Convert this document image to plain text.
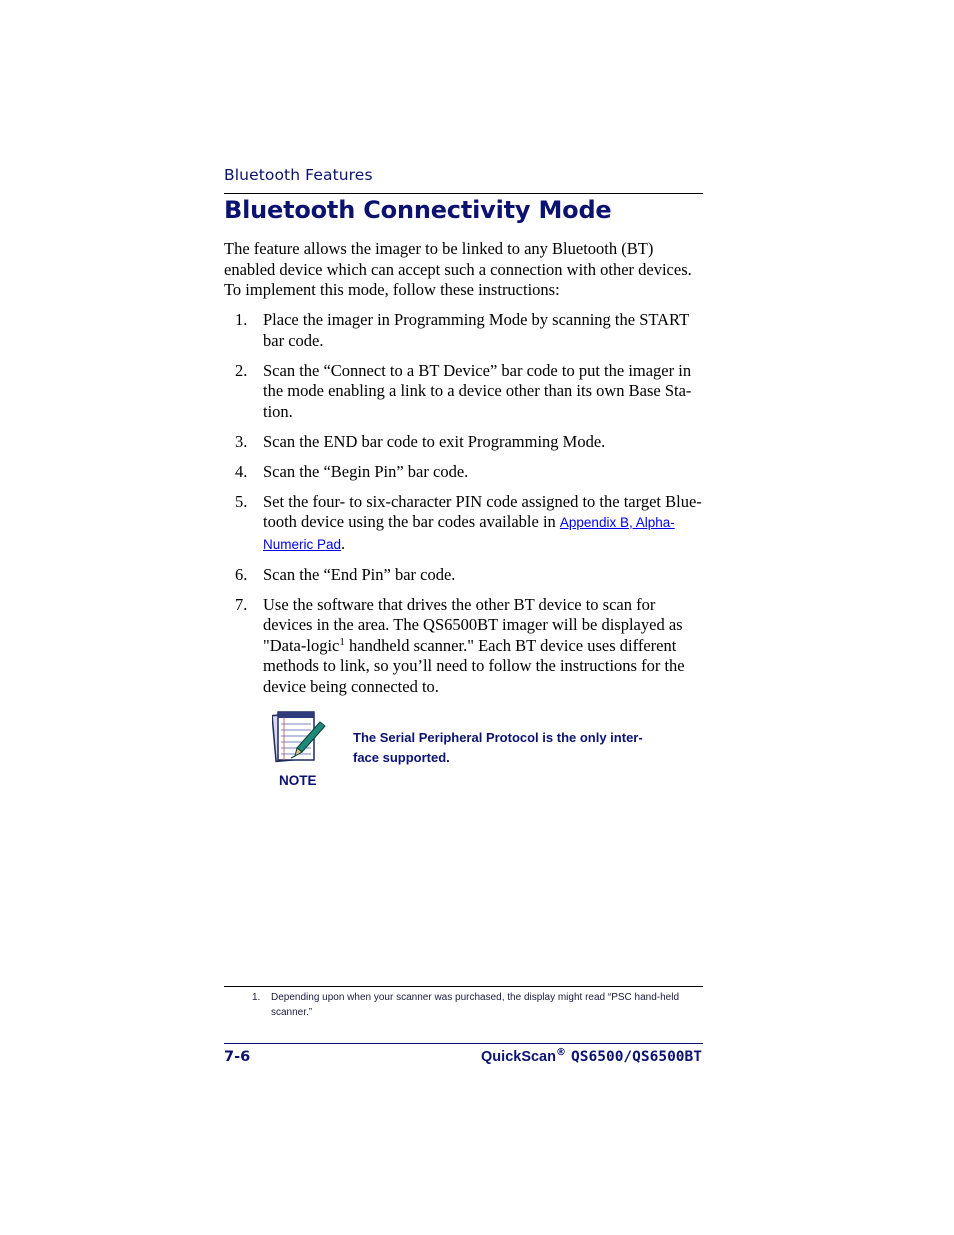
Bluetooth Features
Bluetooth Connectivity Mode

The feature allows the imager to be linked to any Bluetooth (BT) enabled device which can accept such a connection with other devices. To implement this mode, follow these instructions:

1. Place the imager in Programming Mode by scanning the START bar code.
2. Scan the “Connect to a BT Device” bar code to put the imager in the mode enabling a link to a device other than its own Base Sta-tion.
3. Scan the END bar code to exit Programming Mode.
4. Scan the “Begin Pin” bar code.
5. Set the four- to six-character PIN code assigned to the target Blue-tooth device using the bar codes available in Appendix B, Alpha-Numeric Pad.
6. Scan the “End Pin” bar code.
7. Use the software that drives the other BT device to scan for devices in the area. The QS6500BT imager will be displayed as "Data-logic$^1$ handheld scanner." Each BT device uses different methods to link, so you’ll need to follow the instructions for the device being connected to.
NOTE

The Serial Peripheral Protocol is the only inter-face supported.

1.	Depending upon when your scanner was purchased, the display might read “PSC hand-held scanner.”
7-6	QuickScan® QS6500/QS6500BT
